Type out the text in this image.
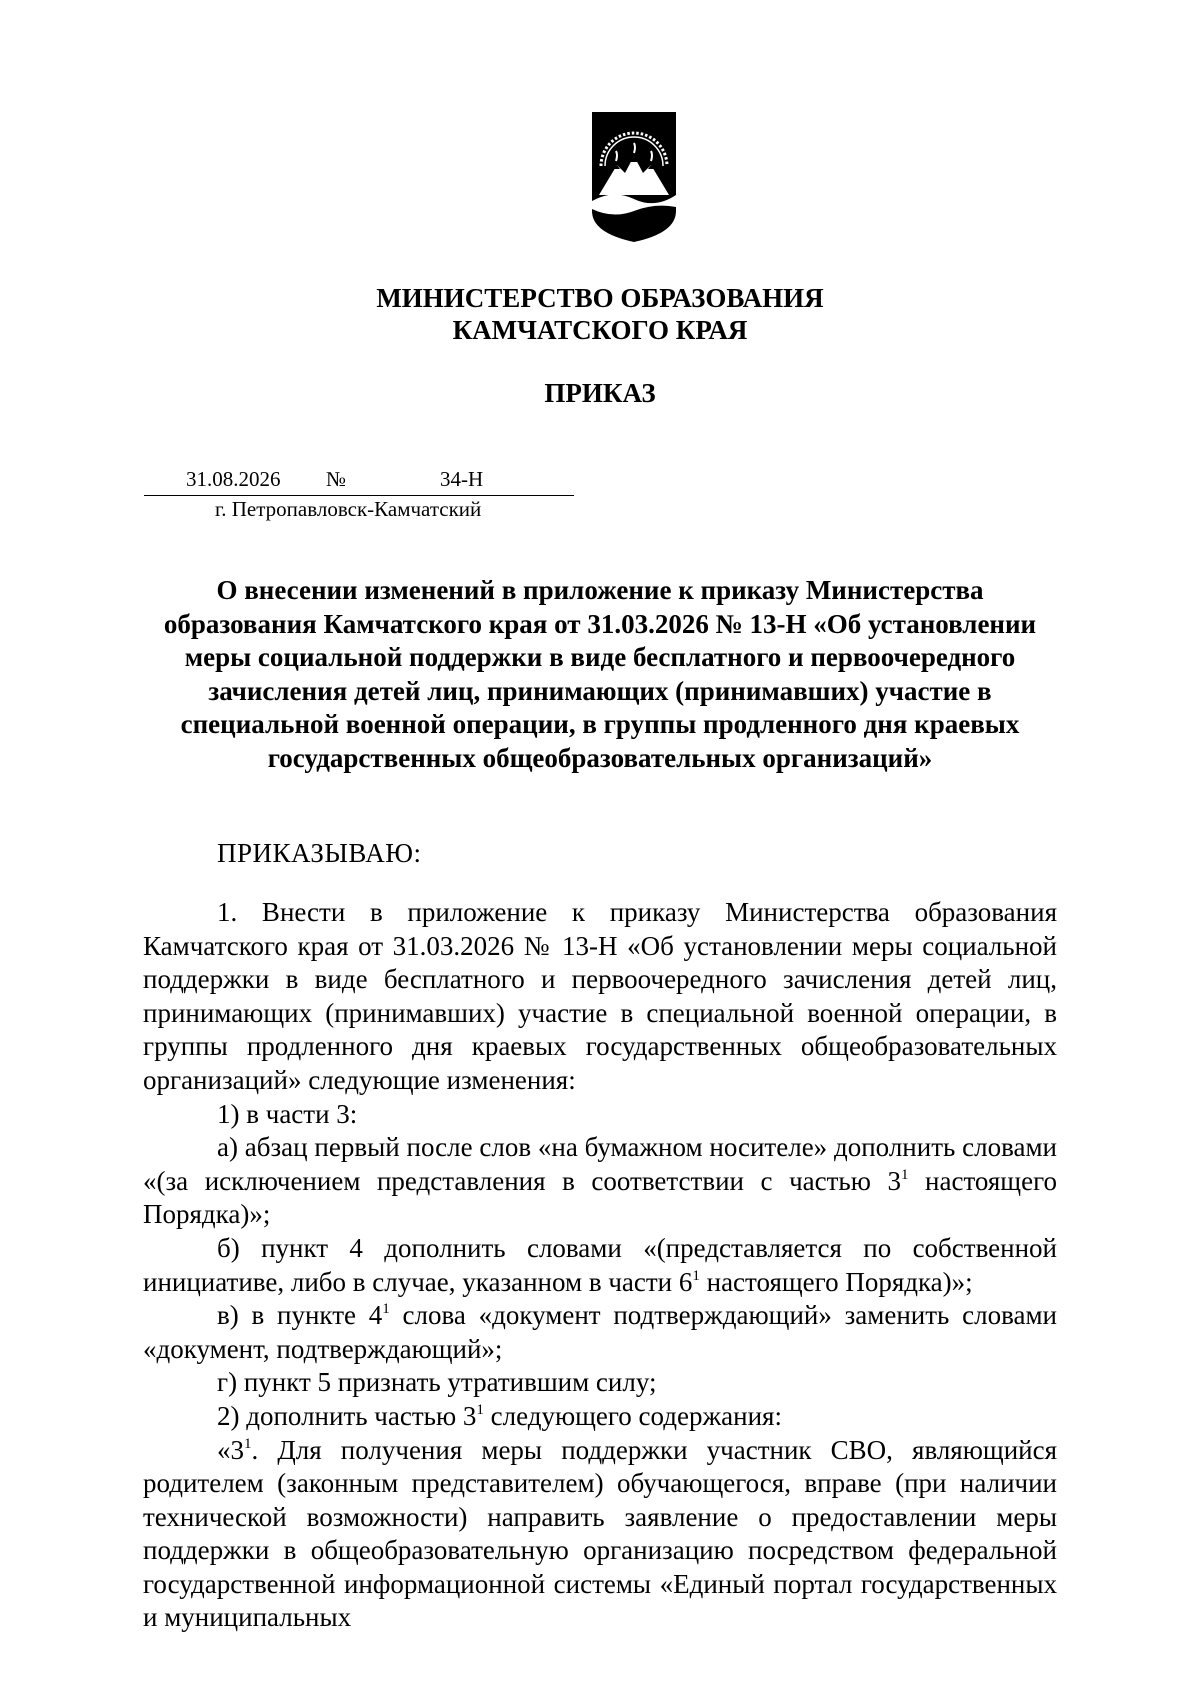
МИНИСТЕРСТВО ОБРАЗОВАНИЯ
КАМЧАТСКОГО КРАЯ
ПРИКАЗ
31.08.2026 №	34-Н
г. Петропавловск-Камчатский
О внесении изменений в приложение к приказу Министерства образования Камчатского края от 31.03.2026 № 13-Н «Об установлении меры социальной поддержки в виде бесплатного и первоочередного зачисления детей лиц, принимающих (принимавших) участие в специальной военной операции, в группы продленного дня краевых государственных общеобразовательных организаций»
ПРИКАЗЫВАЮ:

1. Внести в приложение к приказу Министерства образования Камчатского края от 31.03.2026 № 13-Н «Об установлении меры социальной поддержки в виде бесплатного и первоочередного зачисления детей лиц, принимающих (принимавших) участие в специальной военной операции, в группы продленного дня краевых государственных общеобразовательных организаций» следующие изменения:

1) в части 3:

а) абзац первый после слов «на бумажном носителе» дополнить словами «(за исключением представления в соответствии с частью $3^1$ настоящего Порядка)»;

б) пункт 4 дополнить словами «(представляется по собственной инициативе, либо в случае, указанном в части $6^1$ настоящего Порядка)»;

в) в пункте $4^1$ слова «документ подтверждающий» заменить словами «документ, подтверждающий»;

г) пункт 5 признать утратившим силу;

2) дополнить частью $3^1$ следующего содержания:

«$3^1$. Для получения меры поддержки участник СВО, являющийся родителем (законным представителем) обучающегося, вправе (при наличии технической возможности) направить заявление о предоставлении меры поддержки в общеобразовательную организацию посредством федеральной государственной информационной системы «Единый портал государственных и муниципальных
